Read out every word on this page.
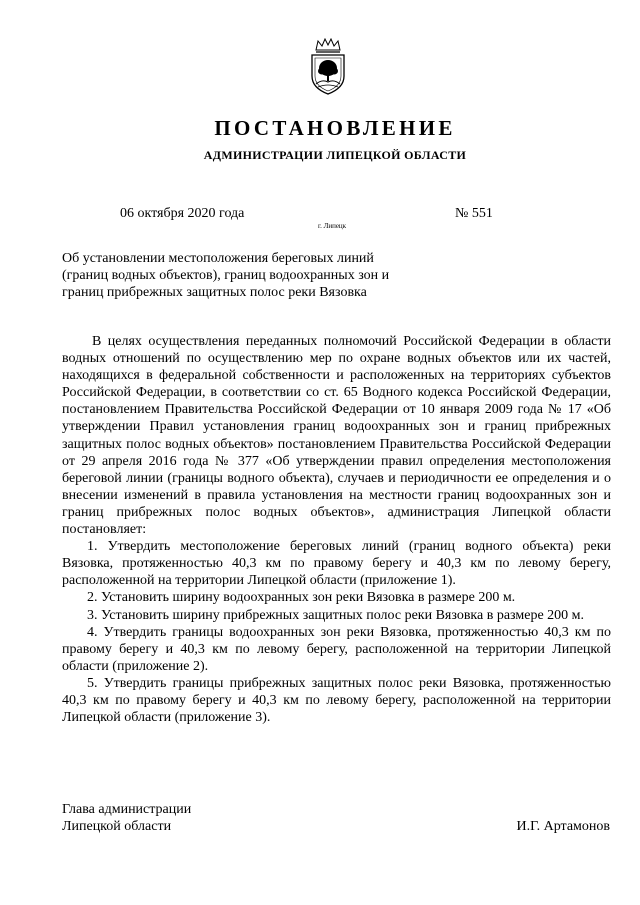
ПОСТАНОВЛЕНИЕ
АДМИНИСТРАЦИИ ЛИПЕЦКОЙ ОБЛАСТИ
06 октября 2020 года
г. Липецк
№ 551
Об установлении местоположения береговых линий
(границ водных объектов), границ водоохранных зон и
границ прибрежных защитных полос реки Вязовка

В целях осуществления переданных полномочий Российской Федерации в области водных отношений по осуществлению мер по охране водных объектов или их частей, находящихся в федеральной собственности и расположенных на территориях субъектов Российской Федерации, в соответствии со ст. 65 Водного кодекса Российской Федерации, постановлением Правительства Российской Федерации от 10 января 2009 года № 17 «Об утверждении Правил установления границ водоохранных зон и границ прибрежных защитных полос водных объектов» постановлением Правительства Российской Федерации от 29 апреля 2016 года № 377 «Об утверждении правил определения местоположения береговой линии (границы водного объекта), случаев и периодичности ее определения и о внесении изменений в правила установления на местности границ водоохранных зон и границ прибрежных полос водных объектов», администрация Липецкой области постановляет:

1. Утвердить местоположение береговых линий (границ водного объекта) реки Вязовка, протяженностью 40,3 км по правому берегу и 40,3 км по левому берегу, расположенной на территории Липецкой области (приложение 1).

2. Установить ширину водоохранных зон реки Вязовка в размере 200 м.

3. Установить ширину прибрежных защитных полос реки Вязовка в размере 200 м.

4. Утвердить границы водоохранных зон реки Вязовка, протяженностью 40,3 км по правому берегу и 40,3 км по левому берегу, расположенной на территории Липецкой области (приложение 2).

5. Утвердить границы прибрежных защитных полос реки Вязовка, протяженностью 40,3 км по правому берегу и 40,3 км по левому берегу, расположенной на территории Липецкой области (приложение 3).

Глава администрации
Липецкой области	И.Г. Артамонов
